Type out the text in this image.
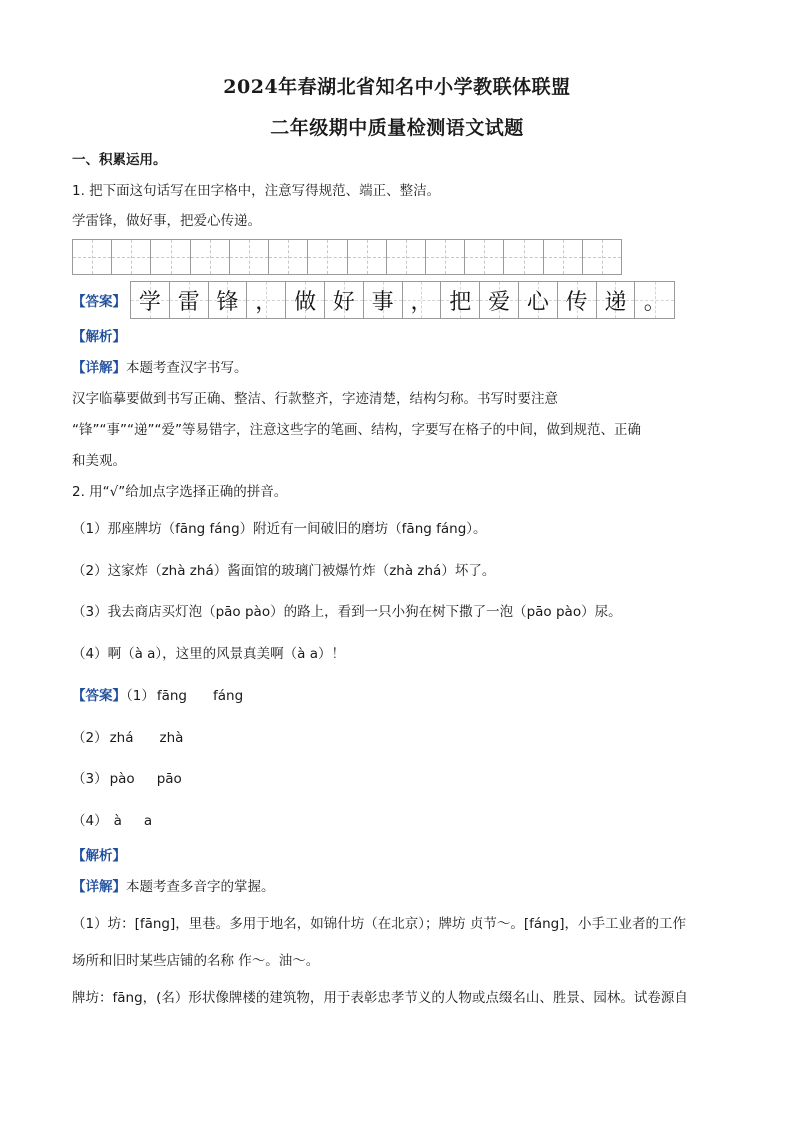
2024年春湖北省知名中小学教联体联盟
二年级期中质量检测语文试题
一、积累运用。
1. 把下面这句话写在田字格中，注意写得规范、端正、整洁。
学雷锋，做好事，把爱心传递。
【答案】 学 雷 锋 ， 做 好 事 ， 把 爱 心 传 递 。
【解析】
【详解】本题考查汉字书写。
汉字临摹要做到书写正确、整洁、行款整齐，字迹清楚，结构匀称。书写时要注意
“锋”“事”“递”“爱”等易错字，注意这些字的笔画、结构，字要写在格子的中间，做到规范、正确
和美观。
2. 用“√”给加点字选择正确的拼音。
（1）那座牌坊（fāng fáng）附近有一间破旧的磨坊（fāng fáng）。
（2）这家炸（zhà zhá）酱面馆的玻璃门被爆竹炸（zhà zhá）坏了。
（3）我去商店买灯泡（pāo pào）的路上，看到一只小狗在树下撒了一泡（pāo pào）尿。
（4）啊（à a），这里的风景真美啊（à a）！
【答案】（1） fāng fáng
（2） zhá zhà
（3） pào pāo
（4） à a
【解析】
【详解】本题考查多音字的掌握。
（1）坊：[fāng]，里巷。多用于地名，如锦什坊（在北京）；牌坊 贞节～。[fáng]，小手工业者的工作
场所和旧时某些店铺的名称 作～。油～。
牌坊：fāng，(名）形状像牌楼的建筑物，用于表彰忠孝节义的人物或点缀名山、胜景、园林。试卷源自
